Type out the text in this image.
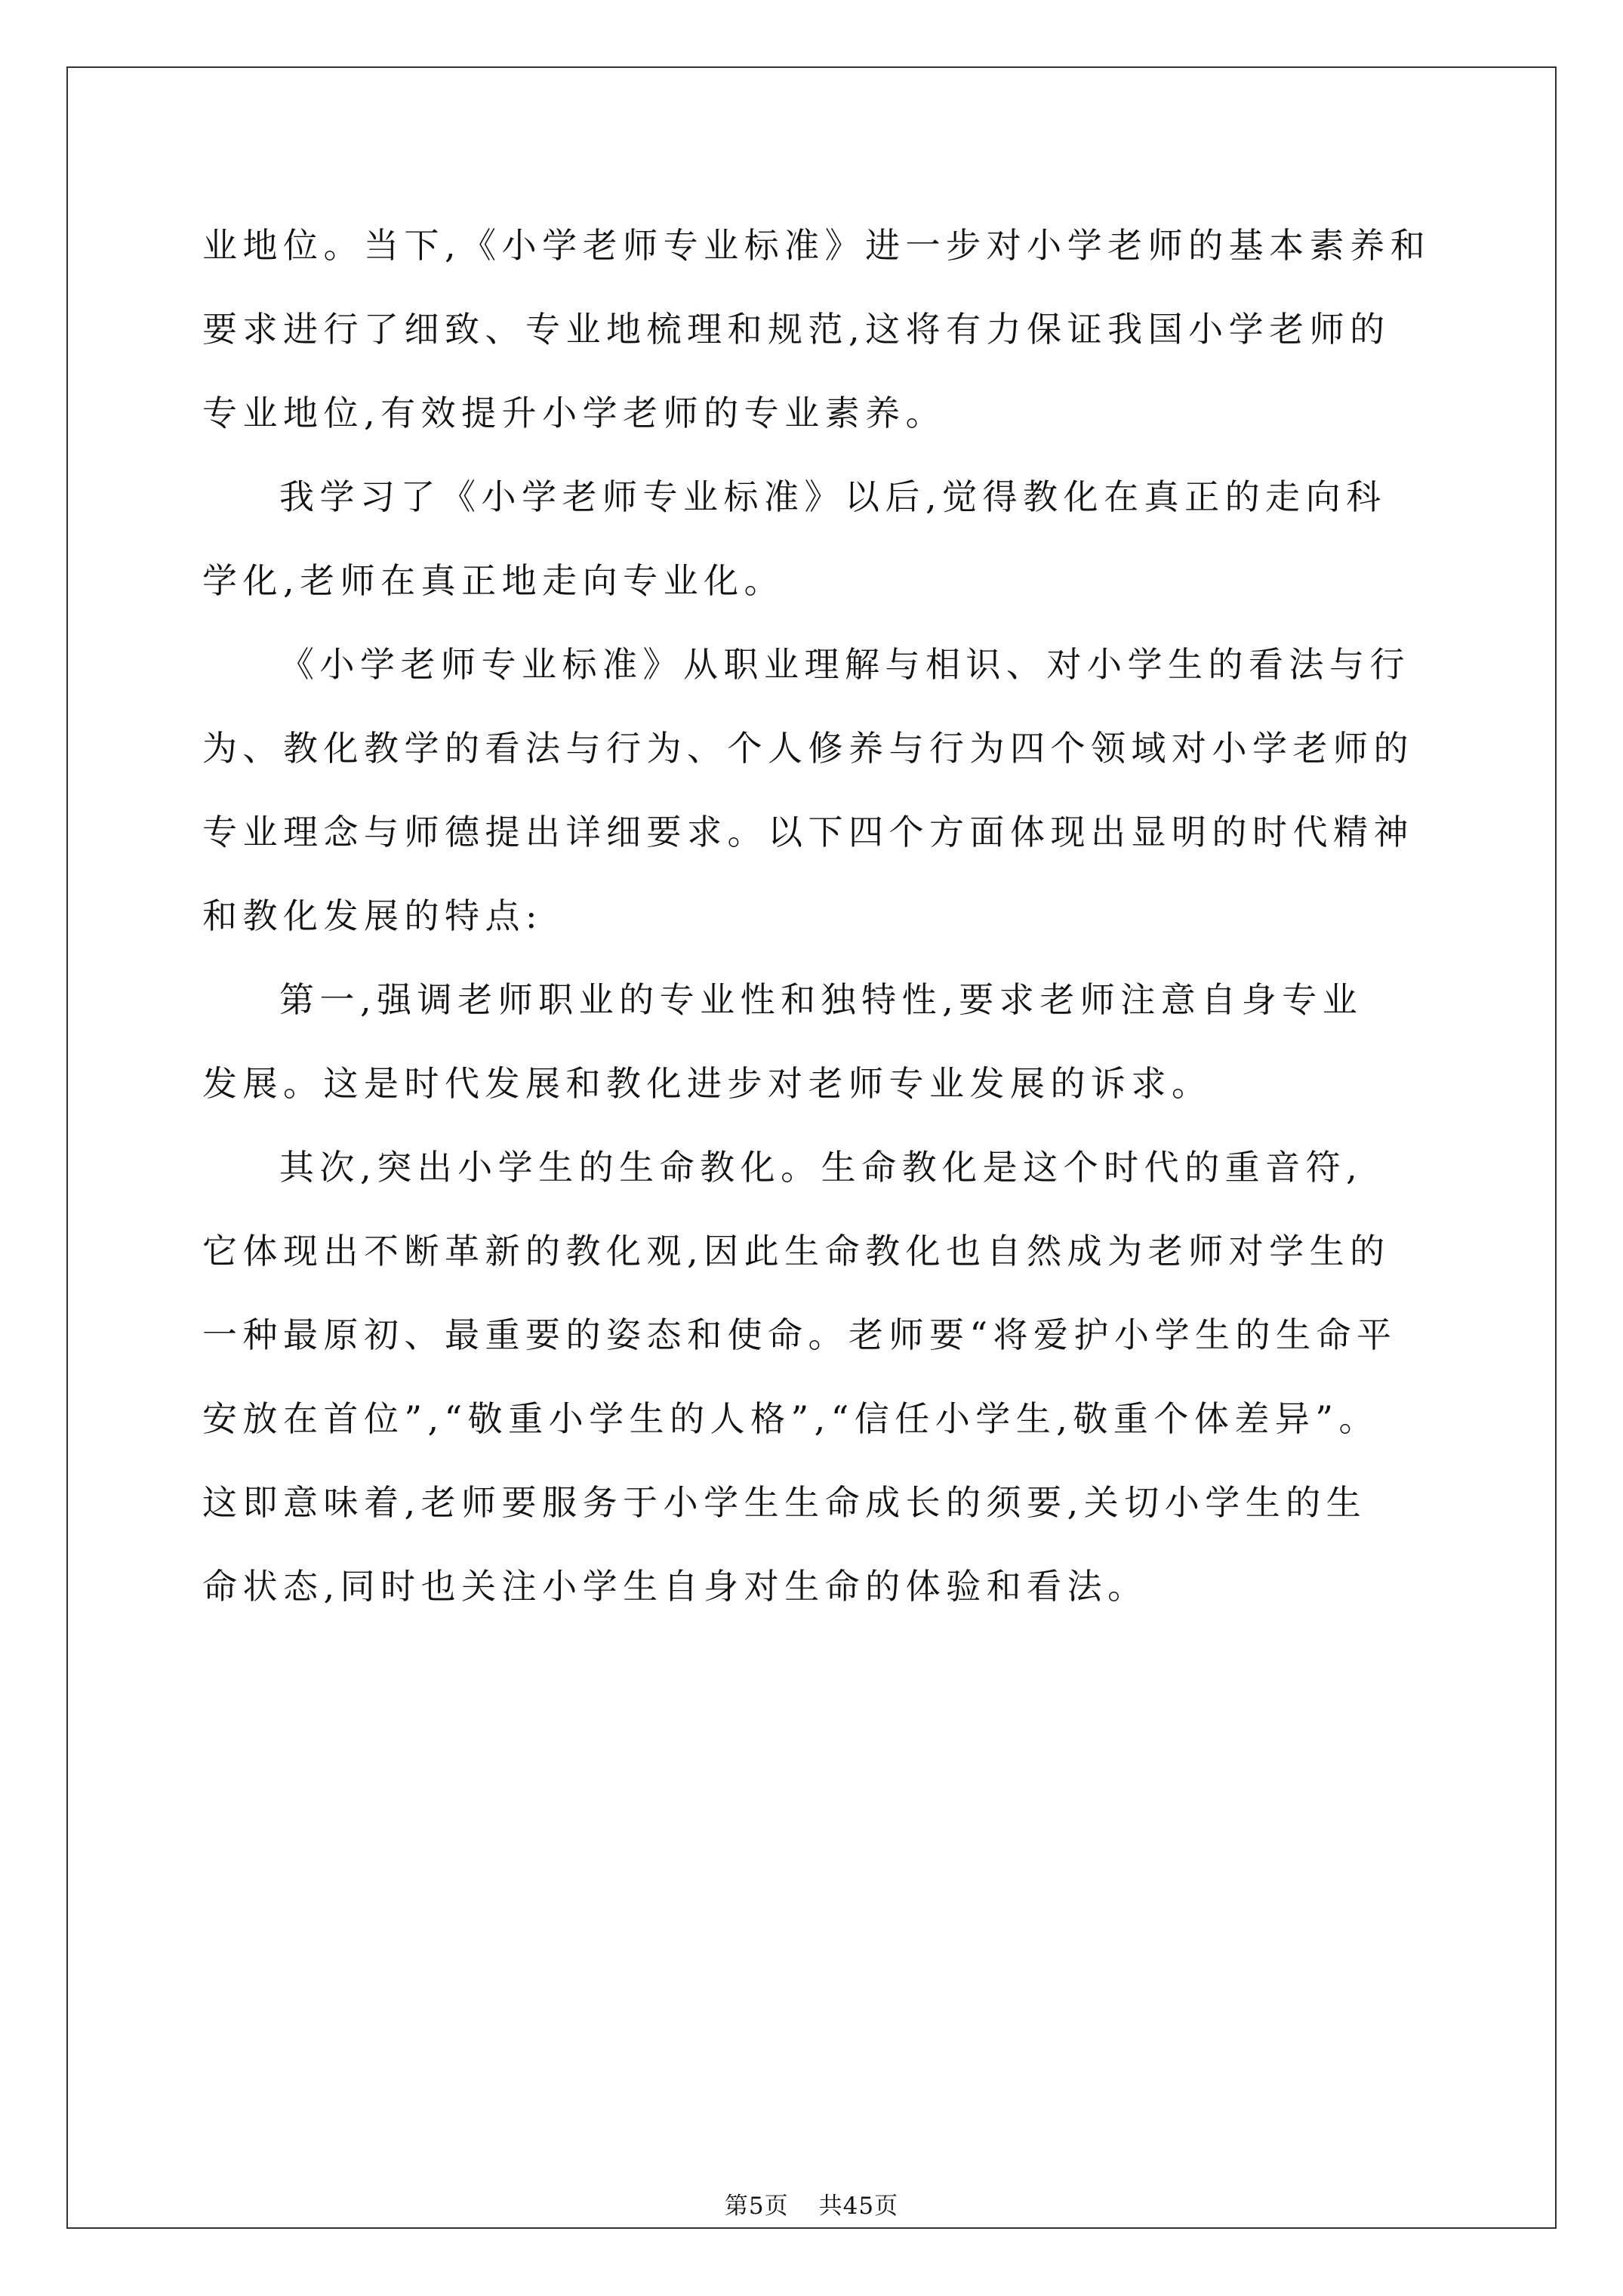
业地位。当下,《小学老师专业标准》进一步对小学老师的基本素养和
要求进行了细致、专业地梳理和规范,这将有力保证我国小学老师的
专业地位,有效提升小学老师的专业素养。
我学习了《小学老师专业标准》以后,觉得教化在真正的走向科
学化,老师在真正地走向专业化。
《小学老师专业标准》从职业理解与相识、对小学生的看法与行
为、教化教学的看法与行为、个人修养与行为四个领域对小学老师的
专业理念与师德提出详细要求。以下四个方面体现出显明的时代精神
和教化发展的特点:
第一,强调老师职业的专业性和独特性,要求老师注意自身专业
发展。这是时代发展和教化进步对老师专业发展的诉求。
其次,突出小学生的生命教化。生命教化是这个时代的重音符,
它体现出不断革新的教化观,因此生命教化也自然成为老师对学生的
一种最原初、最重要的姿态和使命。老师要“将爱护小学生的生命平
安放在首位”,“敬重小学生的人格”,“信任小学生,敬重个体差异”。
这即意味着,老师要服务于小学生生命成长的须要,关切小学生的生
命状态,同时也关注小学生自身对生命的体验和看法。
第5页 共45页
